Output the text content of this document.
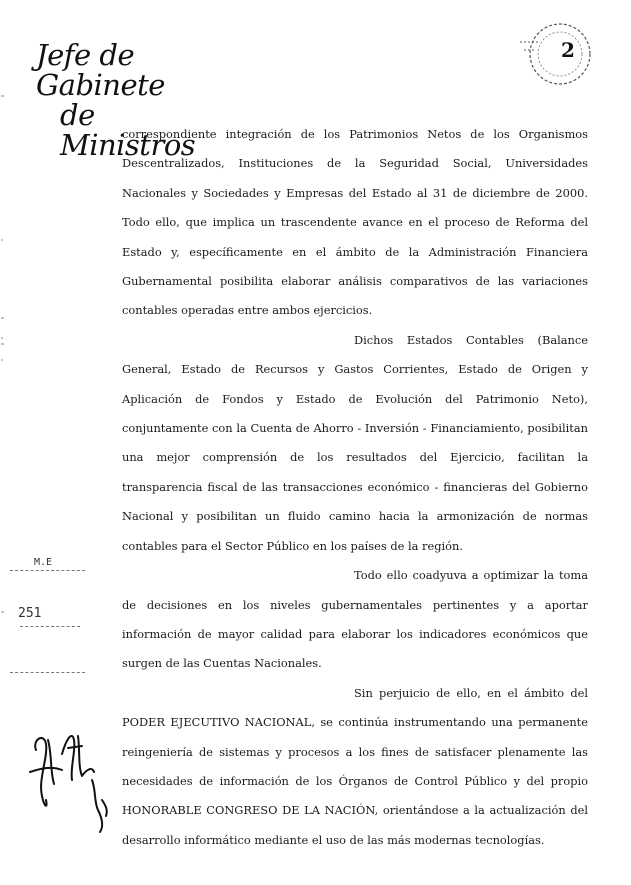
Jefe de Gabinete
de Ministros
2

correspondiente integración de los Patrimonios Netos de los Organismos Descentralizados, Instituciones de la Seguridad Social, Universidades Nacionales y Sociedades y Empresas del Estado al 31 de diciembre de 2000. Todo ello, que implica un trascendente avance en el proceso de Reforma del Estado y, específicamente en el ámbito de la Administración Financiera Gubernamental posibilita elaborar análisis comparativos de las variaciones contables operadas entre ambos ejercicios.

Dichos Estados Contables (Balance General, Estado de Recursos y Gastos Corrientes, Estado de Origen y Aplicación de Fondos y Estado de Evolución del Patrimonio Neto), conjuntamente con la Cuenta de Ahorro - Inversión - Financiamiento, posibilitan una mejor comprensión de los resultados del Ejercicio, facilitan la transparencia fiscal de las transacciones económico - financieras del Gobierno Nacional y posibilitan un fluido camino hacia la armonización de normas contables para el Sector Público en los países de la región.

Todo ello coadyuva a optimizar la toma de decisiones en los niveles gubernamentales pertinentes y a aportar información de mayor calidad para elaborar los indicadores económicos que surgen de las Cuentas Nacionales.

Sin perjuicio de ello, en el ámbito del PODER EJECUTIVO NACIONAL, se continúa instrumentando una permanente reingeniería de sistemas y procesos a los fines de satisfacer plenamente las necesidades de información de los Órganos de Control Público y del propio HONORABLE CONGRESO DE LA NACIÓN, orientándose a la actualización del desarrollo informático mediante el uso de las más modernas tecnologías.

M.E
251
